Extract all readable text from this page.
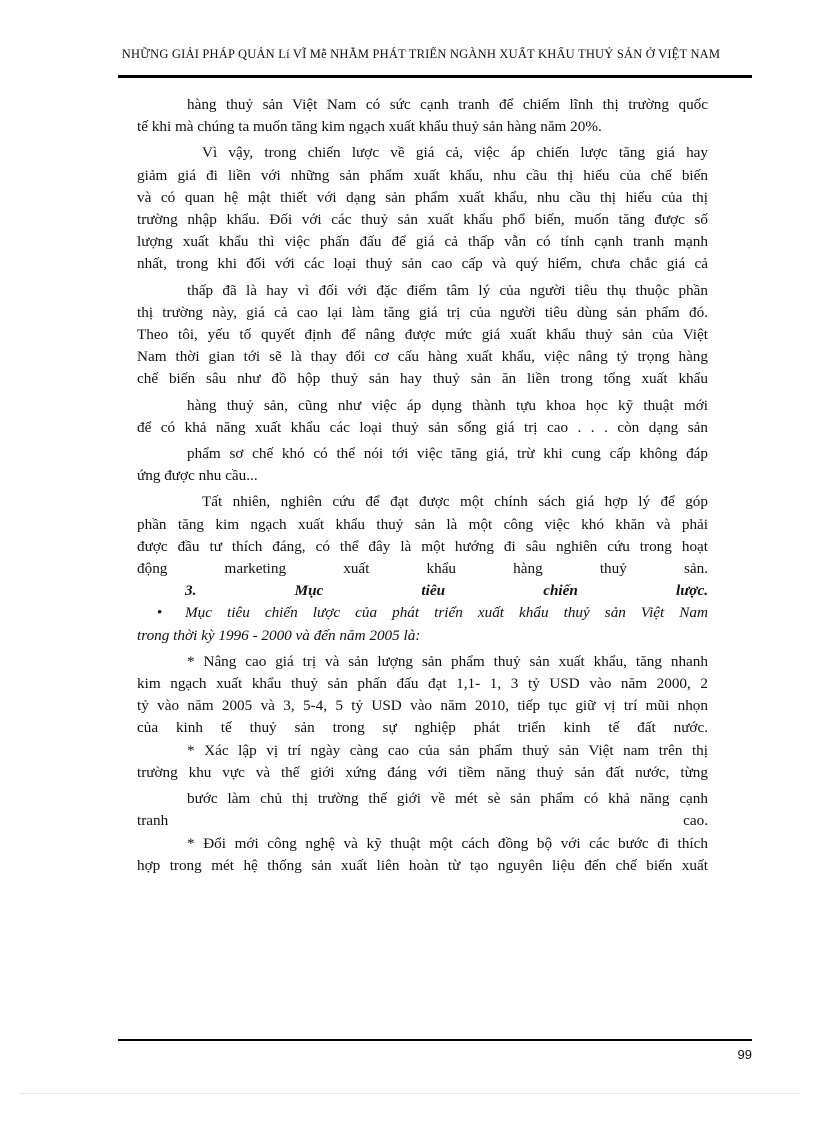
NHỮNG GIẢI PHÁP QUẢN Lí VĨ Mễ NHẰM PHÁT TRIỂN NGÀNH XUẤT KHẨU THUỶ SẢN Ở VIỆT NAM

hàng thuỷ sản Việt Nam có sức cạnh tranh để chiếm lĩnh thị trường quốc

tế khi mà chúng ta muốn tăng kim ngạch xuất khẩu thuỷ sản hàng năm 20%.

Vì vậy, trong chiến lược về giá cả, việc áp chiến lược tăng giá hay

giảm giá đi liền với những sản phẩm xuất khẩu, nhu cầu thị hiếu của chế biến

và có quan hệ mật thiết với dạng sản phẩm xuất khẩu, nhu cầu thị hiếu của thị

trường nhập khẩu. Đối với các thuỷ sản xuất khẩu phổ biến, muốn tăng được số

lượng xuất khẩu thì việc phấn đấu để giá cả thấp vẫn có tính cạnh tranh mạnh

nhất, trong khi đối với các loại thuỷ sản cao cấp và quý hiếm, chưa chắc giá cả

thấp đã là hay vì đối với đặc điểm tâm lý của người tiêu thụ thuộc phần

thị trường này, giá cả cao lại làm tăng giá trị của người tiêu dùng sản phẩm đó.

Theo tôi, yếu tố quyết định để nâng được mức giá xuất khẩu thuỷ sản của Việt

Nam thời gian tới sẽ là thay đổi cơ cấu hàng xuất khẩu, việc nâng tỷ trọng hàng

chế biến sâu như đồ hộp thuỷ sản hay thuỷ sản ăn liền trong tổng xuất khẩu

hàng thuỷ sản, cũng như việc áp dụng thành tựu khoa học kỹ thuật mới

để có khả năng xuất khẩu các loại thuỷ sản sống giá trị cao . . . còn dạng sản

phẩm sơ chế khó có thể nói tới việc tăng giá, trừ khi cung cấp không đáp

ứng được nhu cầu...

Tất nhiên, nghiên cứu để đạt được một chính sách giá hợp lý để góp

phần tăng kim ngạch xuất khẩu thuỷ sản là một công việc khó khăn và phải

được đầu tư thích đáng, có thể đây là một hướng đi sâu nghiên cứu trong hoạt

động marketing xuất khẩu hàng thuỷ sản.

3. Mục tiêu chiến lược.

• Mục tiêu chiến lược của phát triển xuất khẩu thuỷ sản Việt Nam

trong thời kỳ 1996 - 2000 và đến năm 2005 là:

* Nâng cao giá trị và sản lượng sản phẩm thuỷ sản xuất khẩu, tăng nhanh

kim ngạch xuất khẩu thuỷ sản phấn đấu đạt 1,1- 1, 3 tỷ USD vào năm 2000, 2

tỷ vào năm 2005 và 3, 5-4, 5 tỷ USD vào năm 2010, tiếp tục giữ vị trí mũi nhọn

của kinh tế thuỷ sản trong sự nghiệp phát triển kinh tế đất nước.

* Xác lập vị trí ngày càng cao của sản phẩm thuỷ sản Việt nam trên thị

trường khu vực và thế giới xứng đáng với tiềm năng thuỷ sản đất nước, từng

bước làm chủ thị trường thế giới về mét sè sản phẩm có khả năng cạnh

tranh	cao.

* Đổi mới công nghệ và kỹ thuật một cách đồng bộ với các bước đi thích

hợp trong mét hệ thống sản xuất liên hoàn từ tạo nguyên liệu đến chế biến xuất

99
